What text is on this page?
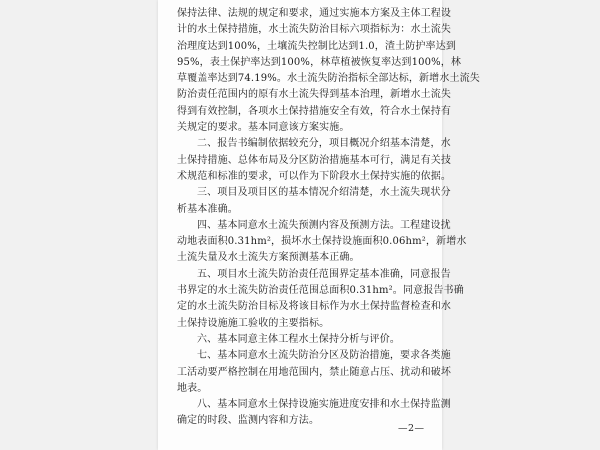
保持法律、法规的规定和要求，通过实施本方案及主体工程设
计的水土保持措施，水土流失防治目标六项指标为：水土流失
治理度达到100%，土壤流失控制比达到1.0，渣土防护率达到
95%，表土保护率达到100%，林草植被恢复率达到100%，林
草覆盖率达到74.19%。水土流失防治指标全部达标，新增水土流失
防治责任范围内的原有水土流失得到基本治理，新增水土流失
得到有效控制，各项水土保持措施安全有效，符合水土保持有
关规定的要求。基本同意该方案实施。
二、报告书编制依据较充分，项目概况介绍基本清楚，水
土保持措施、总体布局及分区防治措施基本可行，满足有关技
术规范和标准的要求，可以作为下阶段水土保持实施的依据。
三、项目及项目区的基本情况介绍清楚，水土流失现状分
析基本准确。
四、基本同意水土流失预测内容及预测方法。工程建设扰
动地表面积0.31hm²，损坏水土保持设施面积0.06hm²，新增水
土流失量及水土流失方案预测基本正确。
五、项目水土流失防治责任范围界定基本准确，同意报告
书界定的水土流失防治责任范围总面积0.31hm²。同意报告书确
定的水土流失防治目标及将该目标作为水土保持监督检查和水
土保持设施施工验收的主要指标。
六、基本同意主体工程水土保持分析与评价。
七、基本同意水土流失防治分区及防治措施，要求各类施
工活动要严格控制在用地范围内，禁止随意占压、扰动和破坏
地表。
八、基本同意水土保持设施实施进度安排和水土保持监测
确定的时段、监测内容和方法。
—2—
